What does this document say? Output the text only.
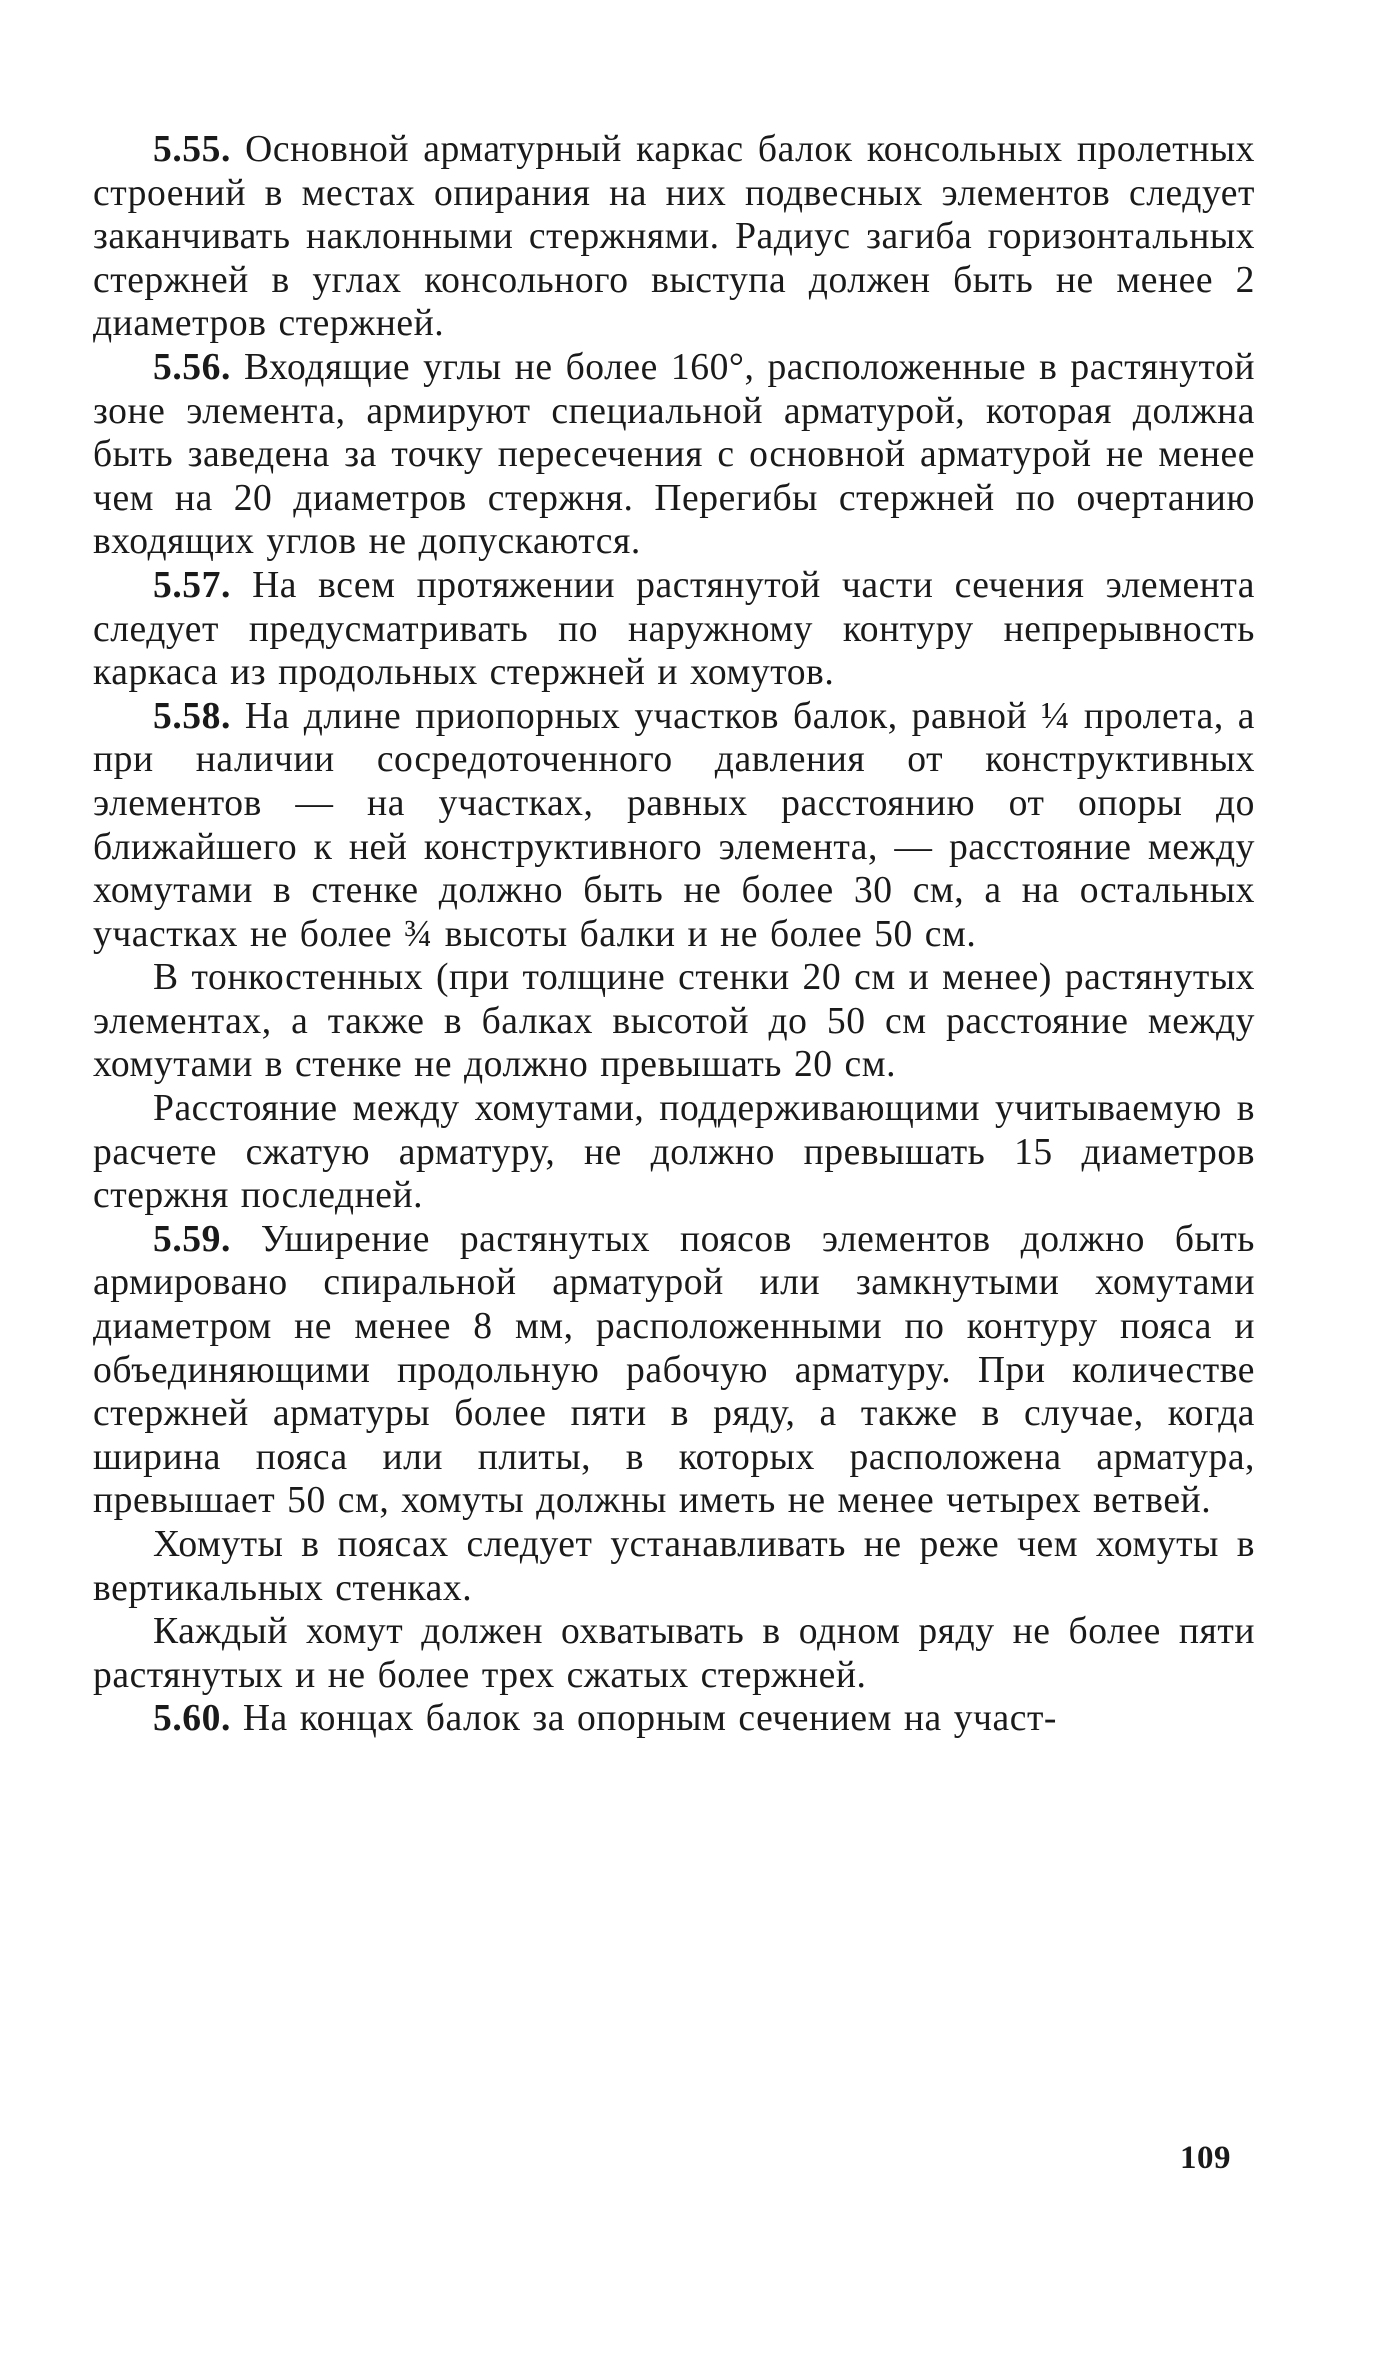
5.55. Основной арматурный каркас балок консольных пролетных строений в местах опирания на них подвесных элементов следует заканчивать наклонными стержнями. Радиус загиба горизонтальных стержней в углах консольного выступа должен быть не менее 2 диаметров стержней.

5.56. Входящие углы не более 160°, расположенные в растянутой зоне элемента, армируют специальной арматурой, которая должна быть заведена за точку пересечения с основной арматурой не менее чем на 20 диаметров стержня. Перегибы стержней по очертанию входящих углов не допускаются.

5.57. На всем протяжении растянутой части сечения элемента следует предусматривать по наружному контуру непрерывность каркаса из продольных стержней и хомутов.

5.58. На длине приопорных участков балок, равной ¼ пролета, а при наличии сосредоточенного давления от конструктивных элементов — на участках, равных расстоянию от опоры до ближайшего к ней конструктивного элемента, — расстояние между хомутами в стенке должно быть не более 30 см, а на остальных участках не более ¾ высоты балки и не более 50 см.

В тонкостенных (при толщине стенки 20 см и менее) растянутых элементах, а также в балках высотой до 50 см расстояние между хомутами в стенке не должно превышать 20 см.

Расстояние между хомутами, поддерживающими учитываемую в расчете сжатую арматуру, не должно превышать 15 диаметров стержня последней.

5.59. Уширение растянутых поясов элементов должно быть армировано спиральной арматурой или замкнутыми хомутами диаметром не менее 8 мм, расположенными по контуру пояса и объединяющими продольную рабочую арматуру. При количестве стержней арматуры более пяти в ряду, а также в случае, когда ширина пояса или плиты, в которых расположена арматура, превышает 50 см, хомуты должны иметь не менее четырех ветвей.

Хомуты в поясах следует устанавливать не реже чем хомуты в вертикальных стенках.

Каждый хомут должен охватывать в одном ряду не более пяти растянутых и не более трех сжатых стержней.

5.60. На концах балок за опорным сечением на участ-

109
